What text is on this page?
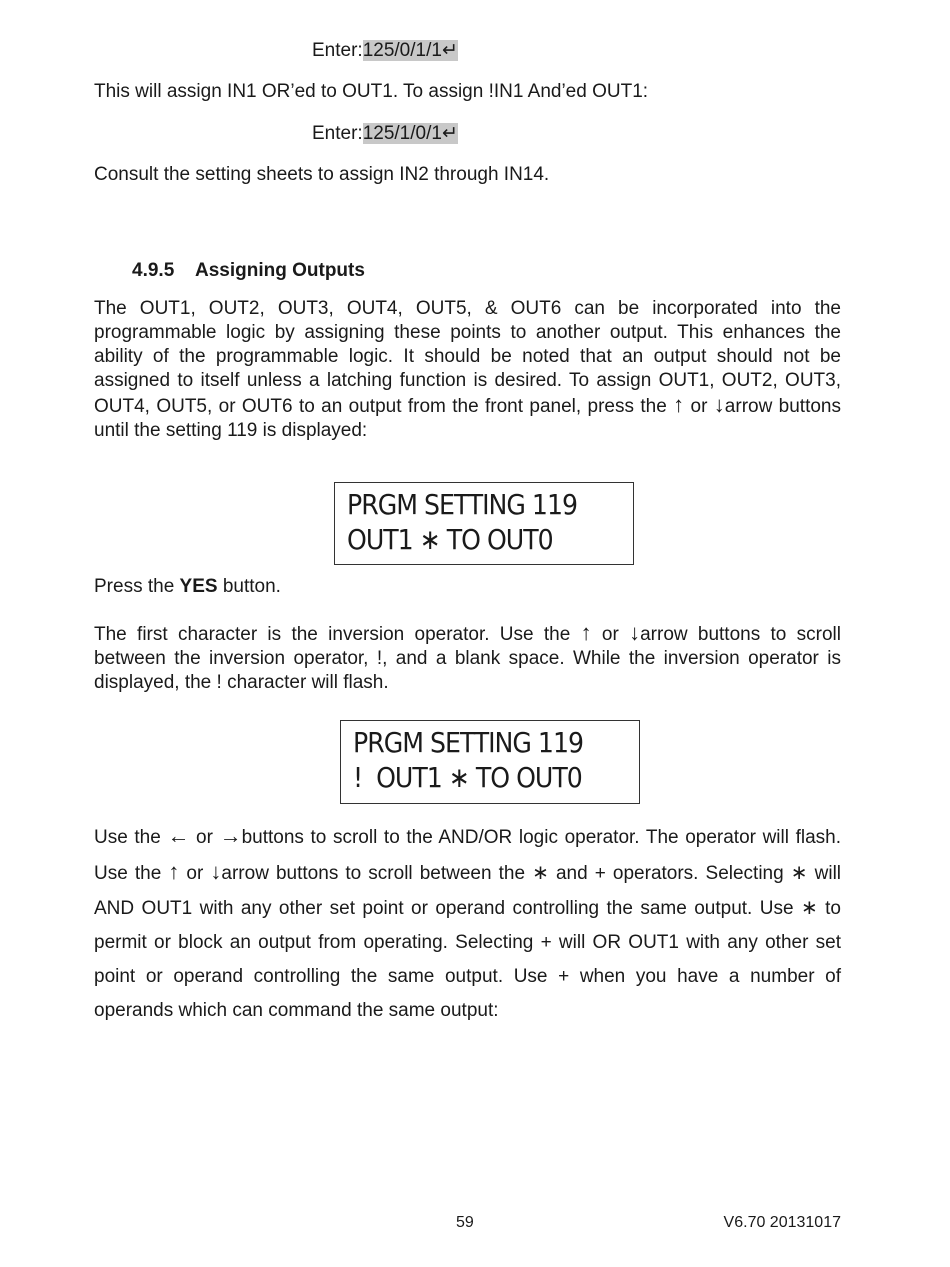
Enter:125/0/1/1↵
This will assign IN1 OR’ed to OUT1. To assign !IN1 And’ed OUT1:
Enter:125/1/0/1↵
Consult the setting sheets to assign IN2 through IN14.
4.9.5 Assigning Outputs
The OUT1, OUT2, OUT3, OUT4, OUT5, & OUT6 can be incorporated into the programmable logic by assigning these points to another output. This enhances the ability of the programmable logic. It should be noted that an output should not be assigned to itself unless a latching function is desired. To assign OUT1, OUT2, OUT3, OUT4, OUT5, or OUT6 to an output from the front panel, press the ↑ or ↓arrow buttons until the setting 119 is displayed:
PRGM SETTING 119
OUT1 ∗ TO OUT0
Press the YES button.
The first character is the inversion operator. Use the ↑ or ↓arrow buttons to scroll between the inversion operator, !, and a blank space. While the inversion operator is displayed, the ! character will flash.
PRGM SETTING 119
!  OUT1 ∗ TO OUT0
Use the ← or →buttons to scroll to the AND/OR logic operator. The operator will flash. Use the ↑ or ↓arrow buttons to scroll between the ∗ and + operators. Selecting ∗ will AND OUT1 with any other set point or operand controlling the same output. Use ∗ to permit or block an output from operating. Selecting + will OR OUT1 with any other set point or operand controlling the same output. Use + when you have a number of operands which can command the same output:
59	V6.70 20131017
